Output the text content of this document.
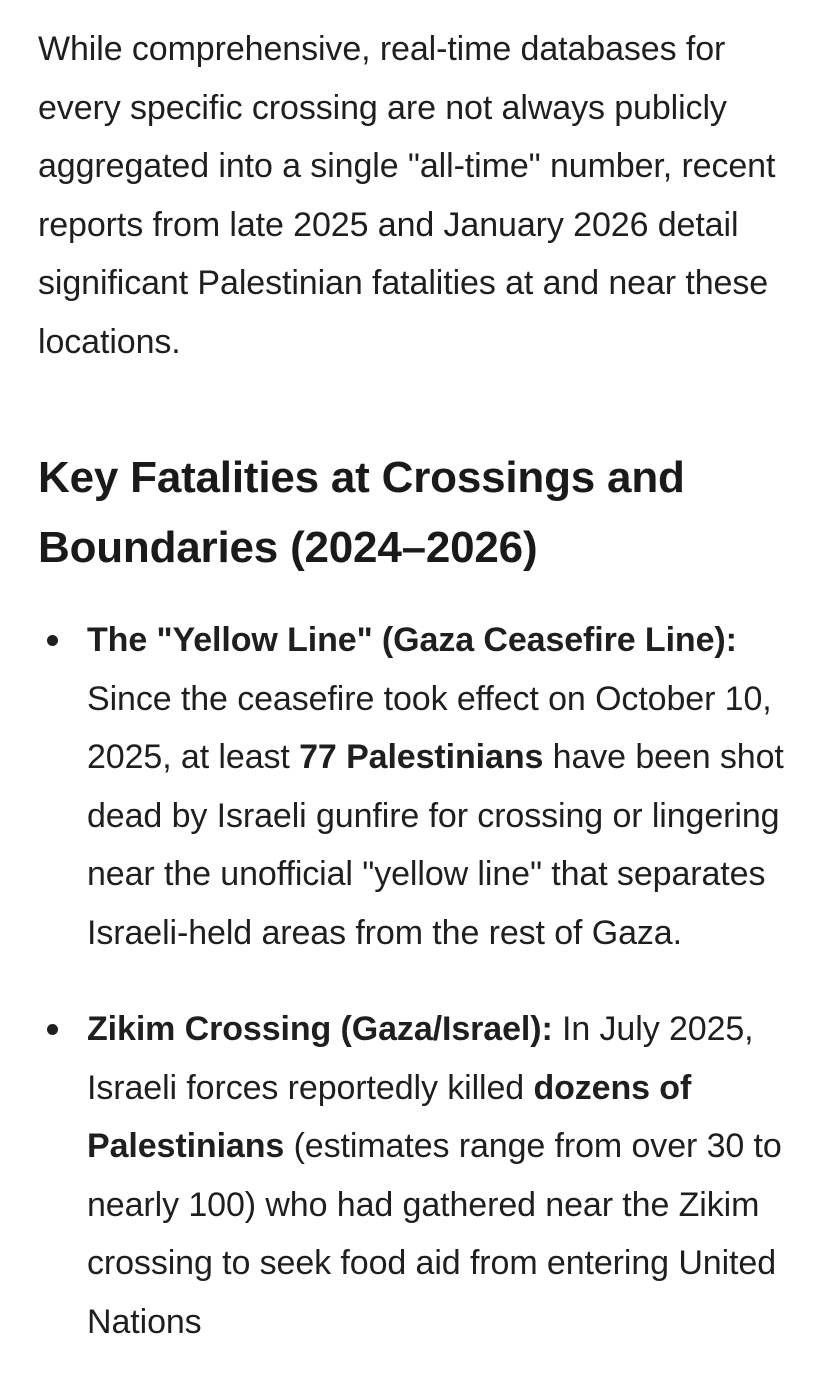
While comprehensive, real-time databases for every specific crossing are not always publicly aggregated into a single "all-time" number, recent reports from late 2025 and January 2026 detail significant Palestinian fatalities at and near these locations.

Key Fatalities at Crossings and Boundaries (2024–2026)
The "Yellow Line" (Gaza Ceasefire Line): Since the ceasefire took effect on October 10, 2025, at least 77 Palestinians have been shot dead by Israeli gunfire for crossing or lingering near the unofficial "yellow line" that separates Israeli-held areas from the rest of Gaza.
Zikim Crossing (Gaza/Israel): In July 2025, Israeli forces reportedly killed dozens of Palestinians (estimates range from over 30 to nearly 100) who had gathered near the Zikim crossing to seek food aid from entering United Nations
